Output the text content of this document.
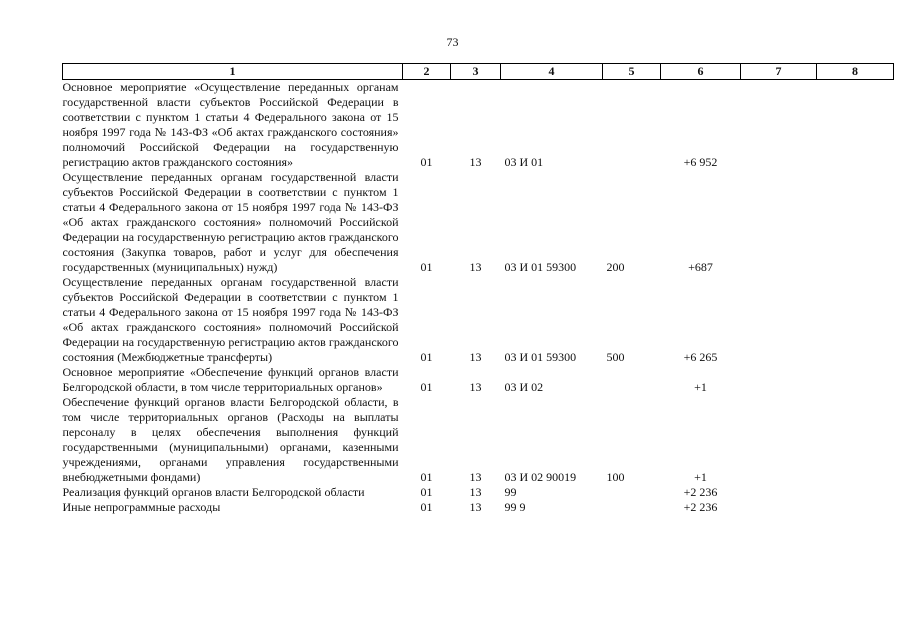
73
1	2	3	4	5	6	7	8
Основное мероприятие «Осуществление переданных органам государственной власти субъектов Российской Федерации в соответствии с пунктом 1 статьи 4 Федерального закона от 15 ноября 1997 года № 143-ФЗ «Об актах гражданского состояния» полномочий Российской Федерации на государственную регистрацию актов гражданского состояния»	01	13	03 И 01		+6 952		
Осуществление переданных органам государственной власти субъектов Российской Федерации в соответствии с пунктом 1 статьи 4 Федерального закона от 15 ноября 1997 года № 143-ФЗ «Об актах гражданского состояния» полномочий Российской Федерации на государственную регистрацию актов гражданского состояния (Закупка товаров, работ и услуг для обеспечения государственных (муниципальных) нужд)	01	13	03 И 01 59300	200	+687		
Осуществление переданных органам государственной власти субъектов Российской Федерации в соответствии с пунктом 1 статьи 4 Федерального закона от 15 ноября 1997 года № 143-ФЗ «Об актах гражданского состояния» полномочий Российской Федерации на государственную регистрацию актов гражданского состояния (Межбюджетные трансферты)	01	13	03 И 01 59300	500	+6 265		
Основное мероприятие «Обеспечение функций органов власти Белгородской области, в том числе территориальных органов»	01	13	03 И 02		+1		
Обеспечение функций органов власти Белгородской области, в том числе территориальных органов (Расходы на выплаты персоналу в целях обеспечения выполнения функций государственными (муниципальными) органами, казенными учреждениями, органами управления государственными внебюджетными фондами)	01	13	03 И 02 90019	100	+1		
Реализация функций органов власти Белгородской области	01	13	99		+2 236		
Иные непрограммные расходы	01	13	99 9		+2 236		
